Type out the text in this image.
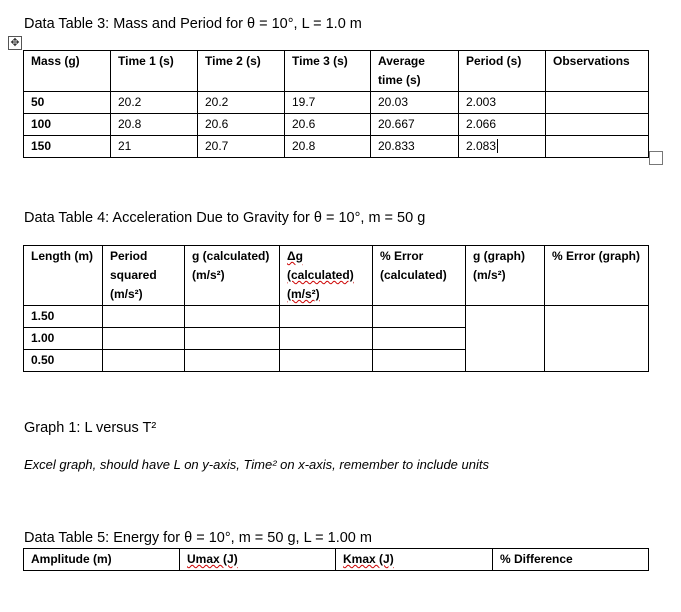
Data Table 3: Mass and Period for θ = 10°, L = 1.0 m
✥
Mass (g)	Time 1 (s)	Time 2 (s)	Time 3 (s)	Average time (s)	Period (s)	Observations
50	20.2	20.2	19.7	20.03	2.003	
100	20.8	20.6	20.6	20.667	2.066	
150	21	20.7	20.8	20.833	2.083	
Data Table 4: Acceleration Due to Gravity for θ = 10°, m = 50 g
Length (m)	Period squared (m/s²)	g (calculated) (m/s²)	Δg (calculated) (m/s²)	% Error (calculated)	g (graph) (m/s²)	% Error (graph)
1.50						
1.00						
0.50						
Graph 1: L versus T²
Excel graph, should have L on y-axis, Time² on x-axis, remember to include units
Data Table 5: Energy for θ = 10°, m = 50 g, L = 1.00 m
Amplitude (m)	Umax (J)	Kmax (J)	% Difference
